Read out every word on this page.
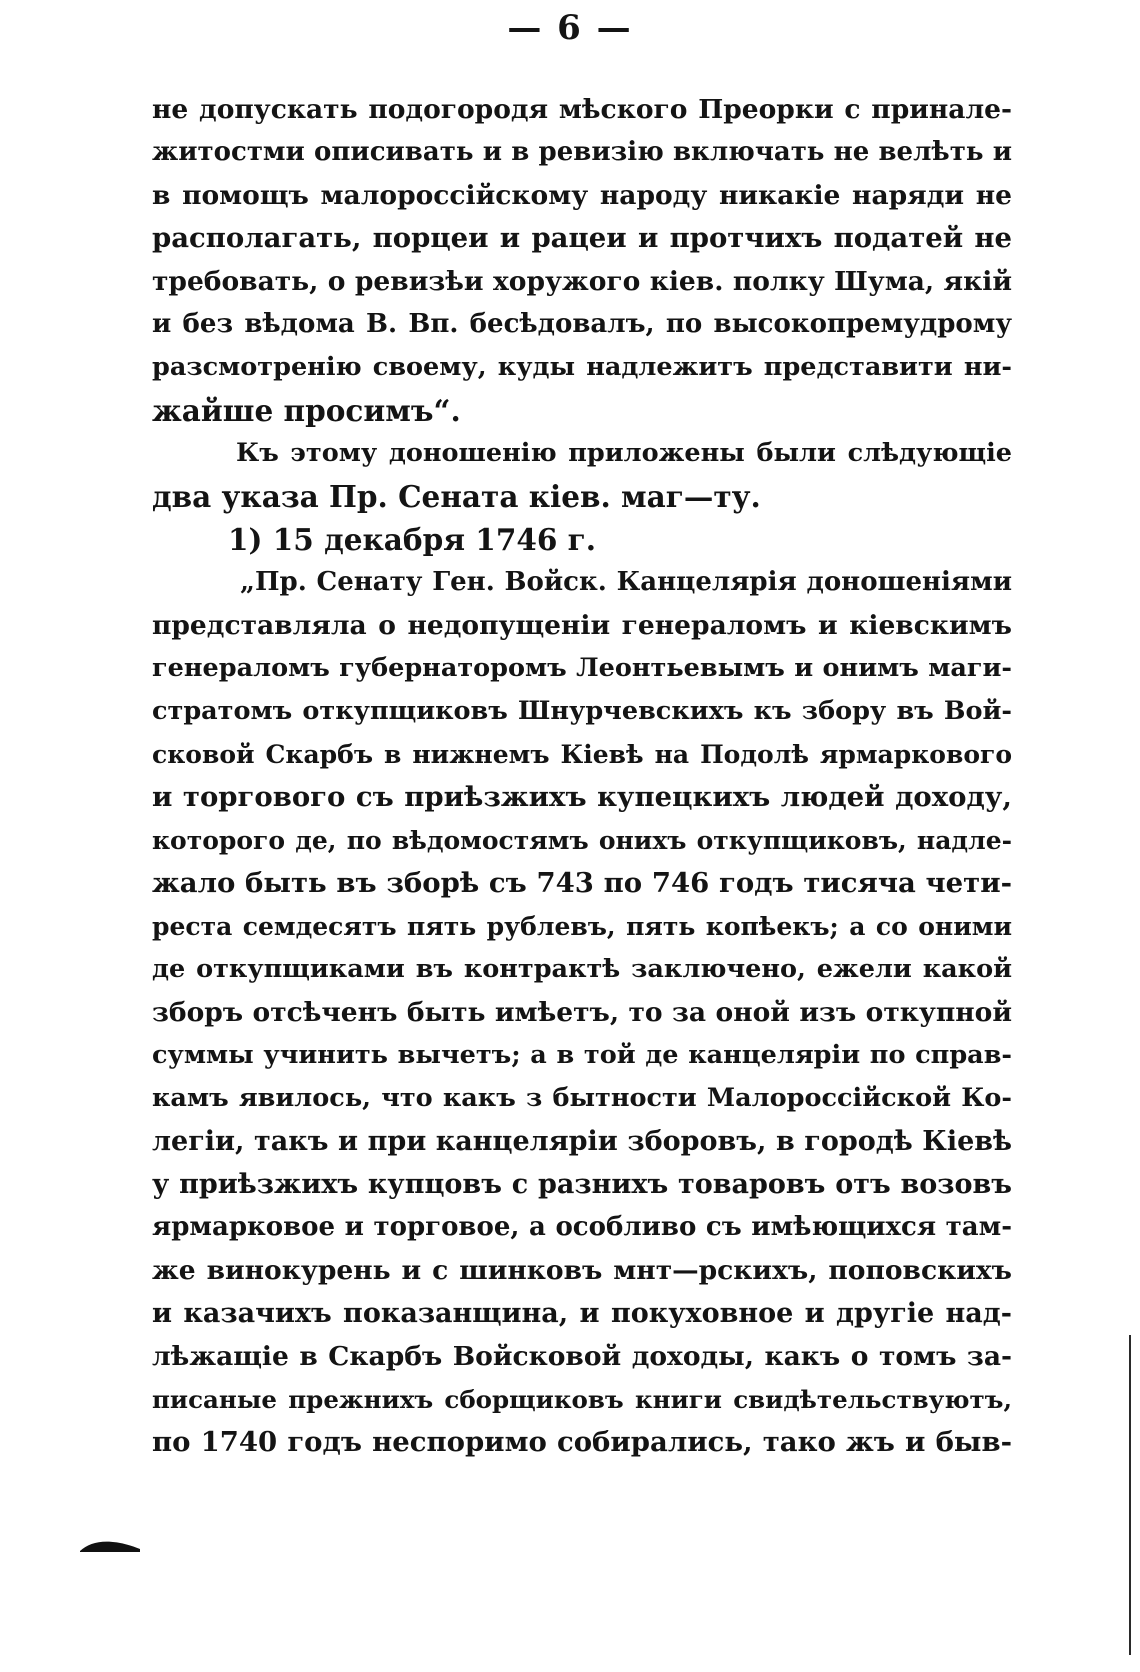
— 6 —
не допускать подогородя мѣского Преорки с принале-
житостми описивать и в ревизію включать не велѣть и
в помощъ малороссійскому народу никакіе наряди не
располагать, порцеи и рацеи и протчихъ податей не
требовать, о ревизѣи хоружого кіев. полку Шума, якій
и без вѣдома В. Вп. бесѣдовалъ, по высокопремудрому
разсмотренію своему, куды надлежитъ представити ни-
жайше просимъ“.
Къ этому доношенію приложены были слѣдующіе
два указа Пр. Сената кіев. маг—ту.
1) 15 декабря 1746 г.
„Пр. Сенату Ген. Войск. Канцелярія доношеніями
представляла о недопущеніи генераломъ и кіевскимъ
генераломъ губернаторомъ Леонтьевымъ и онимъ маги-
стратомъ откупщиковъ Шнурчевскихъ къ збору въ Вой-
сковой Скарбъ в нижнемъ Кіевѣ на Подолѣ ярмаркового
и торгового съ приѣзжихъ купецкихъ людей доходу,
которого де, по вѣдомостямъ онихъ откупщиковъ, надле-
жало быть въ зборѣ съ 743 по 746 годъ тисяча чети-
реста семдесятъ пять рублевъ, пять копѣекъ; а со оними
де откупщиками въ контрактѣ заключено, ежели какой
зборъ отсѣченъ быть имѣетъ, то за оной изъ откупной
суммы учинить вычетъ; а в той де канцеляріи по справ-
камъ явилось, что какъ з бытности Малороссійской Ко-
легіи, такъ и при канцеляріи зборовъ, в городѣ Кіевѣ
у приѣзжихъ купцовъ с разнихъ товаровъ отъ возовъ
ярмарковое и торговое, а особливо съ имѣющихся там-
же винокурень и с шинковъ мнт—рскихъ, поповскихъ
и казачихъ показанщина, и покуховное и другіе над-
лѣжащіе в Скарбъ Войсковой доходы, какъ о томъ за-
писаные прежнихъ сборщиковъ книги свидѣтельствуютъ,
по 1740 годъ неспоримо собирались, тако жъ и быв-
